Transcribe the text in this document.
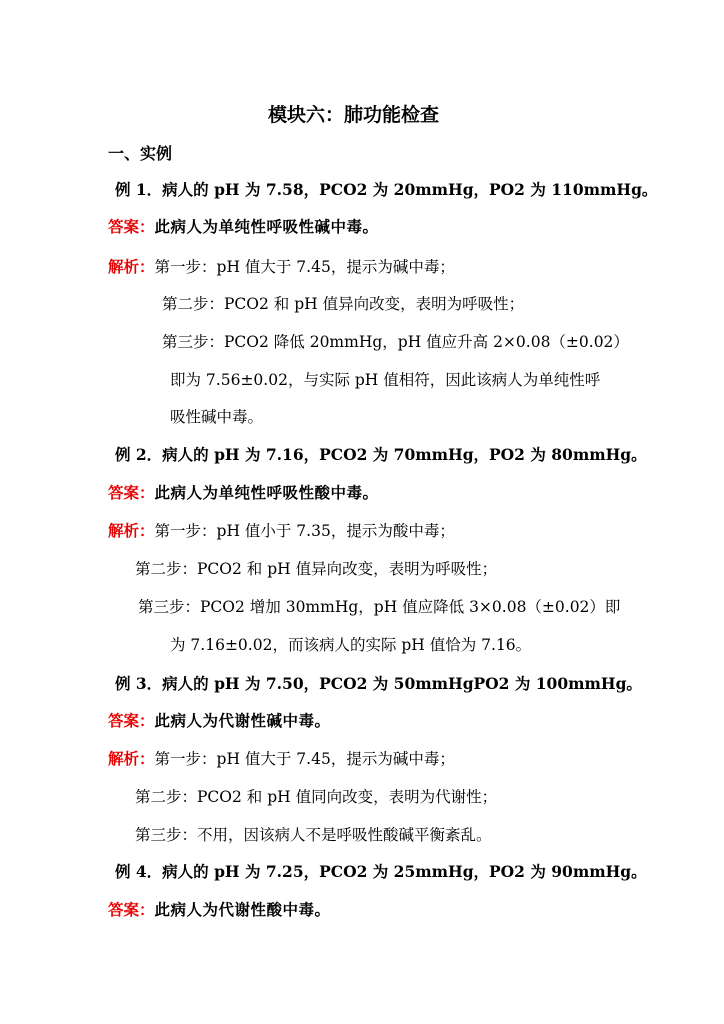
模块六：肺功能检查
一、实例
例 1．病人的 pH 为 7.58，PCO2 为 20mmHg，PO2 为 110mmHg。
答案：此病人为单纯性呼吸性碱中毒。
解析：第一步：pH 值大于 7.45，提示为碱中毒；
第二步：PCO2 和 pH 值异向改变，表明为呼吸性；
第三步：PCO2 降低 20mmHg，pH 值应升高 2×0.08（±0.02）
即为 7.56±0.02，与实际 pH 值相符，因此该病人为单纯性呼
吸性碱中毒。
例 2．病人的 pH 为 7.16，PCO2 为 70mmHg，PO2 为 80mmHg。
答案：此病人为单纯性呼吸性酸中毒。
解析：第一步：pH 值小于 7.35，提示为酸中毒；
第二步：PCO2 和 pH 值异向改变，表明为呼吸性；
第三步：PCO2 增加 30mmHg，pH 值应降低 3×0.08（±0.02）即
为 7.16±0.02，而该病人的实际 pH 值恰为 7.16。
例 3．病人的 pH 为 7.50，PCO2 为 50mmHgPO2 为 100mmHg。
答案：此病人为代谢性碱中毒。
解析：第一步：pH 值大于 7.45，提示为碱中毒；
第二步：PCO2 和 pH 值同向改变，表明为代谢性；
第三步：不用，因该病人不是呼吸性酸碱平衡紊乱。
例 4．病人的 pH 为 7.25，PCO2 为 25mmHg，PO2 为 90mmHg。
答案：此病人为代谢性酸中毒。
